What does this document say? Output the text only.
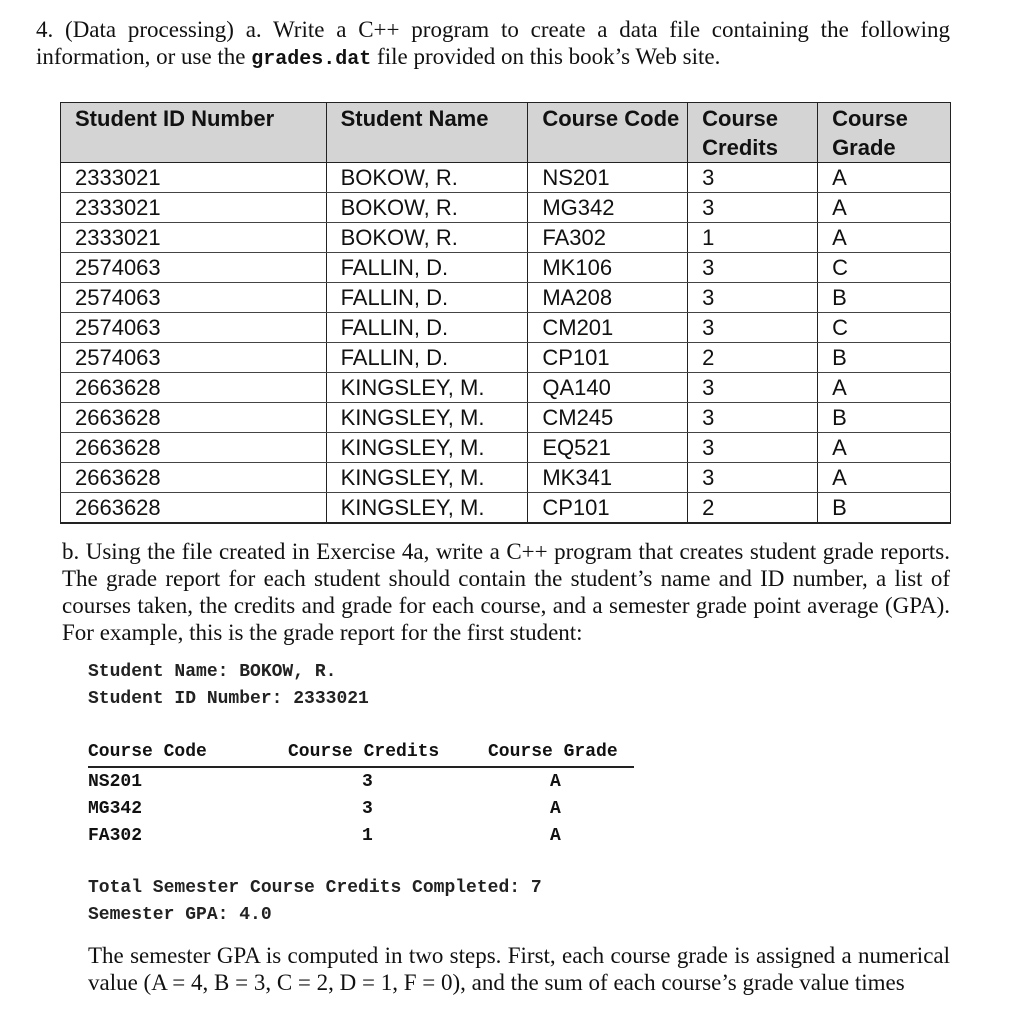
4. (Data processing) a. Write a C++ program to create a data file containing the following information, or use the grades.dat file provided on this book’s Web site.
Student ID Number	Student Name	Course Code	Course Credits	Course Grade
2333021	BOKOW, R.	NS201	3	A
2333021	BOKOW, R.	MG342	3	A
2333021	BOKOW, R.	FA302	1	A
2574063	FALLIN, D.	MK106	3	C
2574063	FALLIN, D.	MA208	3	B
2574063	FALLIN, D.	CM201	3	C
2574063	FALLIN, D.	CP101	2	B
2663628	KINGSLEY, M.	QA140	3	A
2663628	KINGSLEY, M.	CM245	3	B
2663628	KINGSLEY, M.	EQ521	3	A
2663628	KINGSLEY, M.	MK341	3	A
2663628	KINGSLEY, M.	CP101	2	B
b. Using the file created in Exercise 4a, write a C++ program that creates student grade reports. The grade report for each student should contain the student’s name and ID number, a list of courses taken, the credits and grade for each course, and a semester grade point average (GPA). For example, this is the grade report for the first student:
Student Name: BOKOW, R.
Student ID Number: 2333021
Course Code	Course Credits	Course Grade
NS201	3	A
MG342	3	A
FA302	1	A
Total Semester Course Credits Completed: 7
Semester GPA: 4.0
The semester GPA is computed in two steps. First, each course grade is assigned a numerical value (A = 4, B = 3, C = 2, D = 1, F = 0), and the sum of each course’s grade value times
